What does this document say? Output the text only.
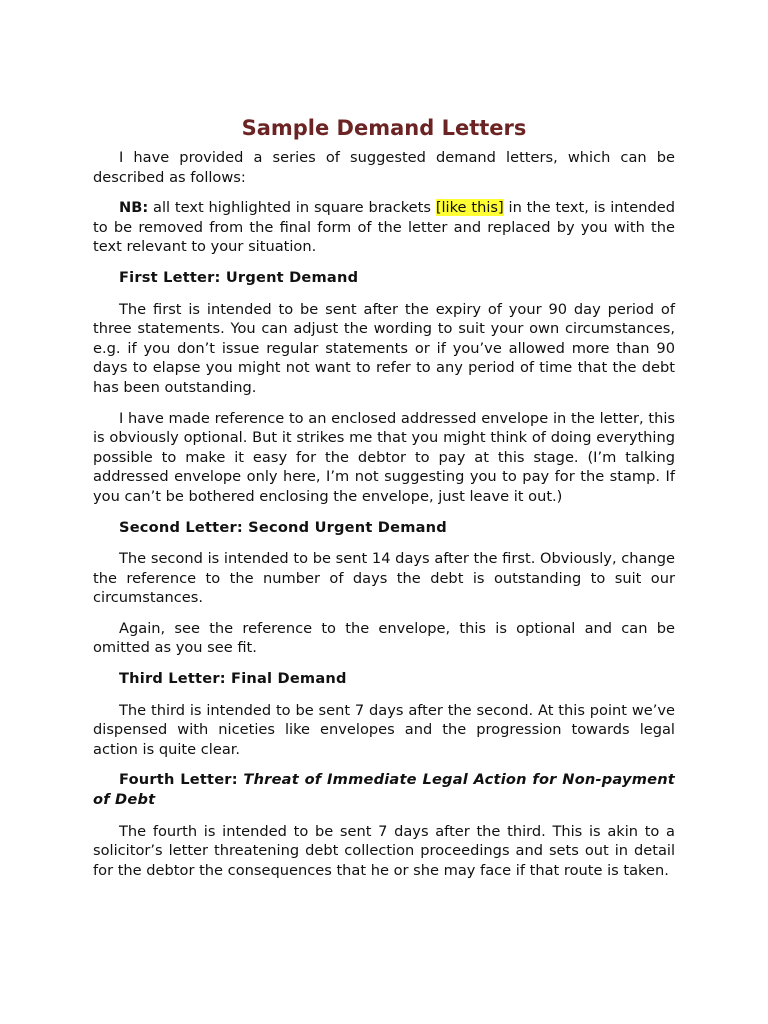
Sample Demand Letters

I have provided a series of suggested demand letters, which can be described as follows:

NB: all text highlighted in square brackets [like this] in the text, is intended to be removed from the final form of the letter and replaced by you with the text relevant to your situation.

First Letter: Urgent Demand

The first is intended to be sent after the expiry of your 90 day period of three statements. You can adjust the wording to suit your own circumstances, e.g. if you don’t issue regular statements or if you’ve allowed more than 90 days to elapse you might not want to refer to any period of time that the debt has been outstanding.

I have made reference to an enclosed addressed envelope in the letter, this is obviously optional. But it strikes me that you might think of doing everything possible to make it easy for the debtor to pay at this stage. (I’m talking addressed envelope only here, I’m not suggesting you to pay for the stamp. If you can’t be bothered enclosing the envelope, just leave it out.)

Second Letter: Second Urgent Demand

The second is intended to be sent 14 days after the first. Obviously, change the reference to the number of days the debt is outstanding to suit our circumstances.

Again, see the reference to the envelope, this is optional and can be omitted as you see fit.

Third Letter: Final Demand

The third is intended to be sent 7 days after the second. At this point we’ve dispensed with niceties like envelopes and the progression towards legal action is quite clear.

Fourth Letter: Threat of Immediate Legal Action for Non-payment of Debt

The fourth is intended to be sent 7 days after the third. This is akin to a solicitor’s letter threatening debt collection proceedings and sets out in detail for the debtor the consequences that he or she may face if that route is taken.
